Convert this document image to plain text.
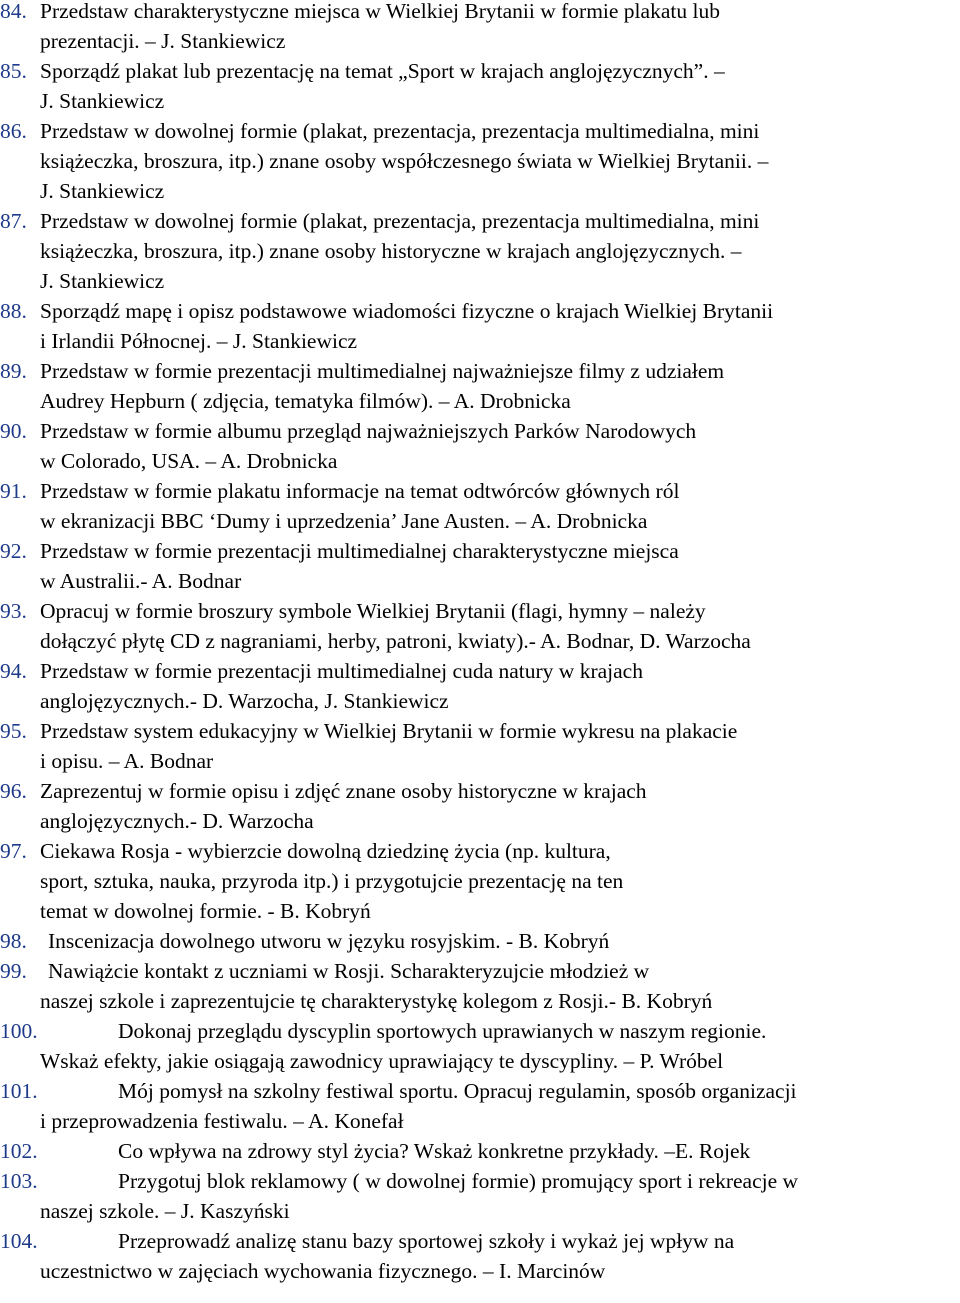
84. Przedstaw charakterystyczne miejsca w Wielkiej Brytanii w formie plakatu lub
prezentacji. – J. Stankiewicz
85. Sporządź plakat lub prezentację na temat „Sport w krajach anglojęzycznych”. –
J. Stankiewicz
86. Przedstaw w dowolnej formie (plakat, prezentacja, prezentacja multimedialna, mini
książeczka, broszura, itp.) znane osoby współczesnego świata w Wielkiej Brytanii. –
J. Stankiewicz
87. Przedstaw w dowolnej formie (plakat, prezentacja, prezentacja multimedialna, mini
książeczka, broszura, itp.) znane osoby historyczne w krajach anglojęzycznych. –
J. Stankiewicz
88. Sporządź mapę i opisz podstawowe wiadomości fizyczne o krajach Wielkiej Brytanii
i Irlandii Północnej. – J. Stankiewicz
89. Przedstaw w formie prezentacji multimedialnej najważniejsze filmy z udziałem
Audrey Hepburn ( zdjęcia, tematyka filmów). – A. Drobnicka
90. Przedstaw w formie albumu przegląd najważniejszych Parków Narodowych
w Colorado, USA. – A. Drobnicka
91. Przedstaw w formie plakatu informacje na temat odtwórców głównych ról
w ekranizacji BBC ‘Dumy i uprzedzenia’ Jane Austen. – A. Drobnicka
92. Przedstaw w formie prezentacji multimedialnej charakterystyczne miejsca
w Australii.- A. Bodnar
93. Opracuj w formie broszury symbole Wielkiej Brytanii (flagi, hymny – należy
dołączyć płytę CD z nagraniami, herby, patroni, kwiaty).- A. Bodnar, D. Warzocha
94. Przedstaw w formie prezentacji multimedialnej cuda natury w krajach
anglojęzycznych.- D. Warzocha, J. Stankiewicz
95. Przedstaw system edukacyjny w Wielkiej Brytanii w formie wykresu na plakacie
i opisu. – A. Bodnar
96. Zaprezentuj w formie opisu i zdjęć znane osoby historyczne w krajach
anglojęzycznych.- D. Warzocha
97. Ciekawa Rosja - wybierzcie dowolną dziedzinę życia (np. kultura,
sport, sztuka, nauka, przyroda itp.) i przygotujcie prezentację na ten
temat w dowolnej formie. - B. Kobryń
98. Inscenizacja dowolnego utworu w języku rosyjskim. - B. Kobryń
99. Nawiążcie kontakt z uczniami w Rosji. Scharakteryzujcie młodzież w
naszej szkole i zaprezentujcie tę charakterystykę kolegom z Rosji.- B. Kobryń
100.	Dokonaj przeglądu dyscyplin sportowych uprawianych w naszym regionie.
Wskaż efekty, jakie osiągają zawodnicy uprawiający te dyscypliny. – P. Wróbel
101.	Mój pomysł na szkolny festiwal sportu. Opracuj regulamin, sposób organizacji
i przeprowadzenia festiwalu. – A. Konefał
102.	Co wpływa na zdrowy styl życia? Wskaż konkretne przykłady. –E. Rojek
103.	Przygotuj blok reklamowy ( w dowolnej formie) promujący sport i rekreacje w
naszej szkole. – J. Kaszyński
104.	Przeprowadź analizę stanu bazy sportowej szkoły i wykaż jej wpływ na
uczestnictwo w zajęciach wychowania fizycznego. – I. Marcinów
